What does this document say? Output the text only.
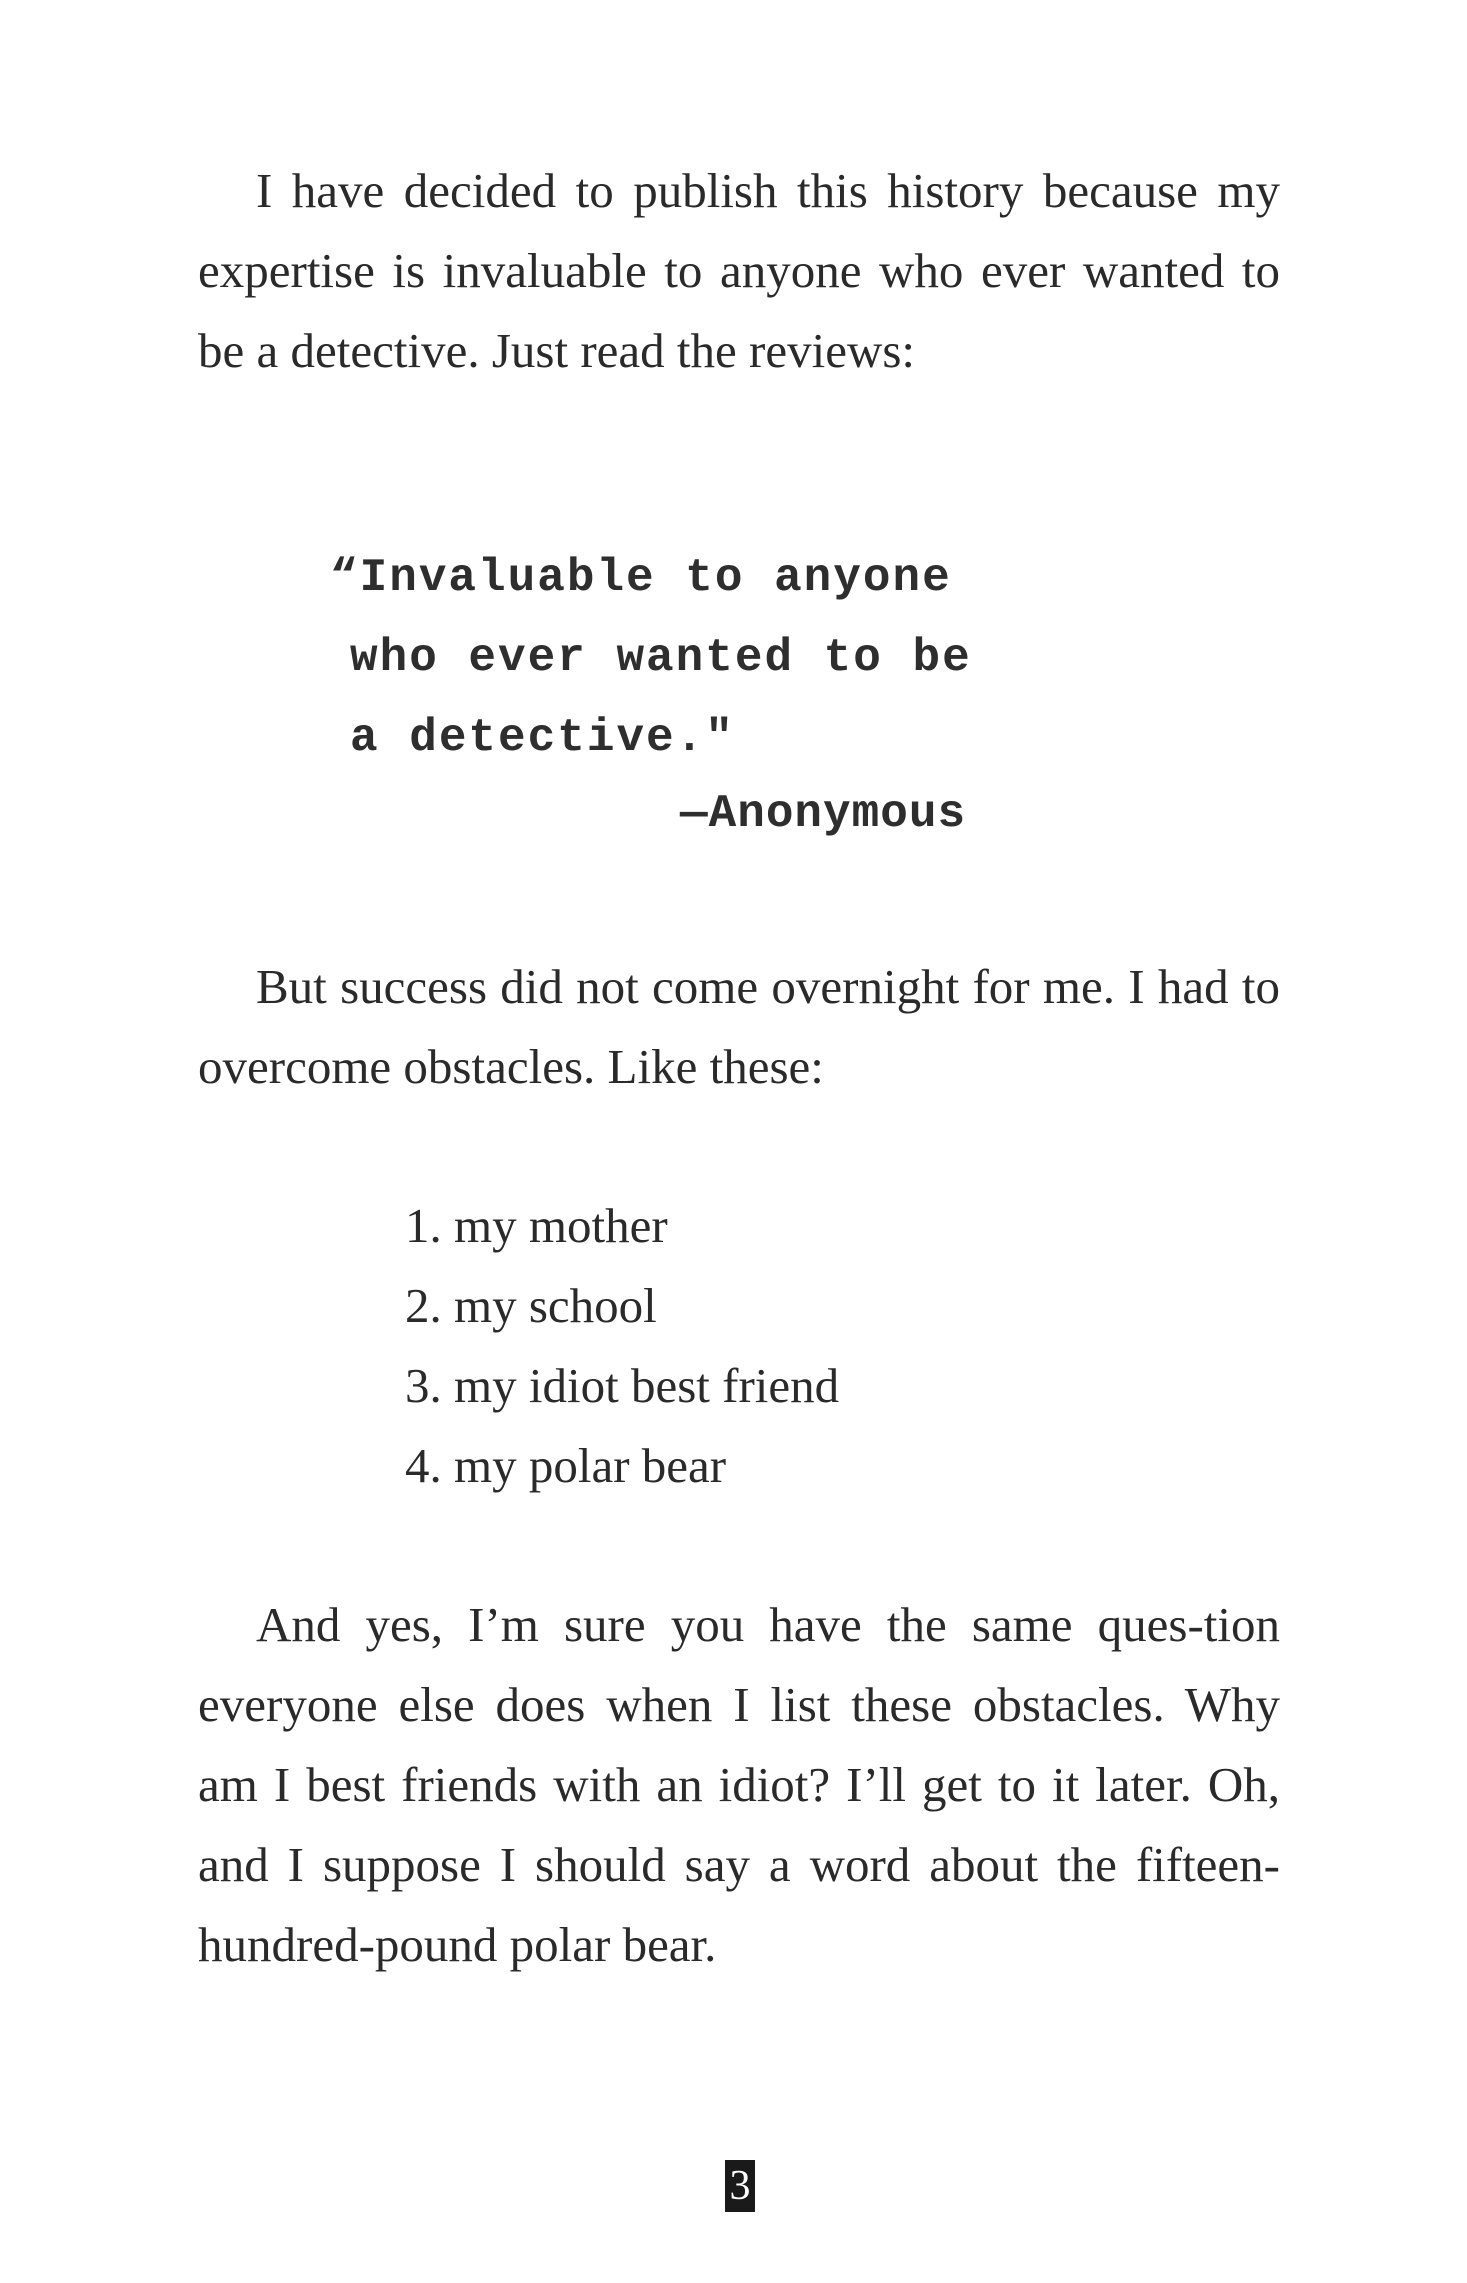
I have decided to publish this history because my expertise is invaluable to anyone who ever wanted to be a detective. Just read the reviews:

“Invaluable to anyone
who ever wanted to be
a detective."
—Anonymous

But success did not come overnight for me. I had to overcome obstacles. Like these:

1. my mother
2. my school
3. my idiot best friend
4. my polar bear

And yes, I’m sure you have the same ques-tion everyone else does when I list these obstacles. Why am I best friends with an idiot? I’ll get to it later. Oh, and I suppose I should say a word about the fifteen-hundred-pound polar bear.

3
